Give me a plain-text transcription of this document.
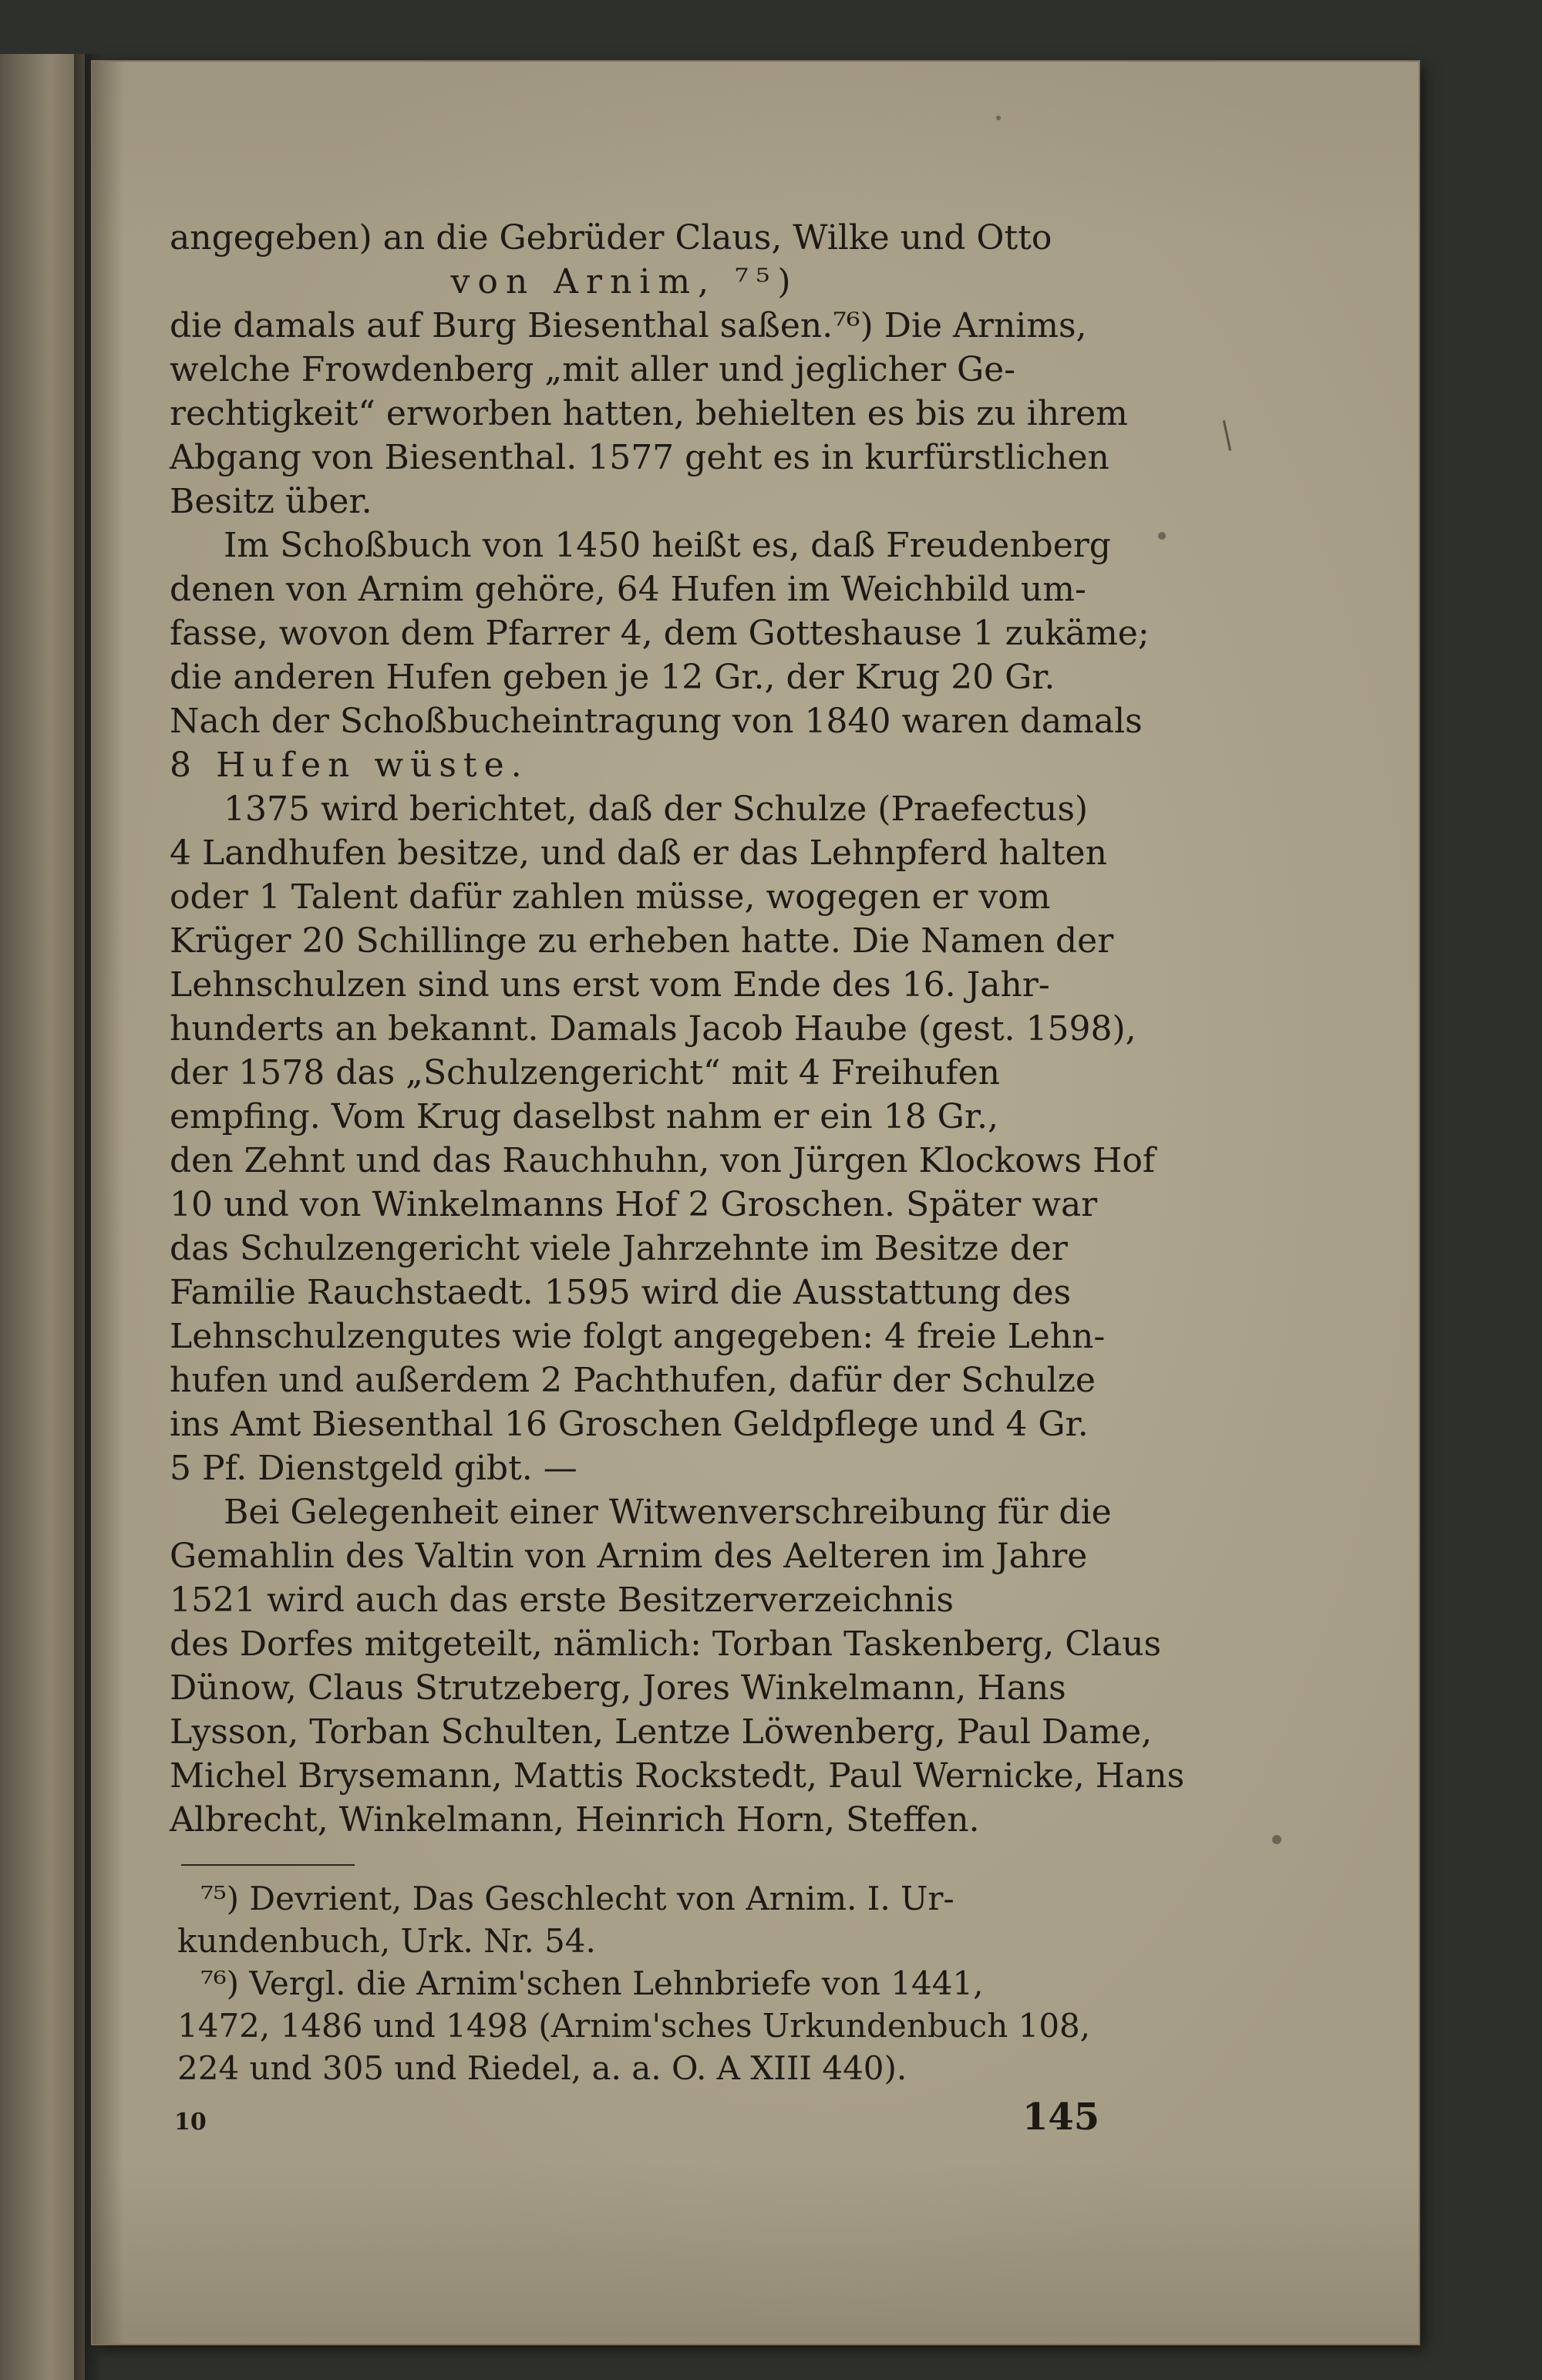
angegeben) an die Gebrüder Claus, Wilke und Otto
von Arnim, ⁷⁵)
die damals auf Burg Biesenthal saßen.⁷⁶) Die Arnims,
welche Frowdenberg „mit aller und jeglicher Ge-
rechtigkeit“ erworben hatten, behielten es bis zu ihrem
Abgang von Biesenthal. 1577 geht es in kurfürstlichen
Besitz über.
Im Schoßbuch von 1450 heißt es, daß Freudenberg
denen von Arnim gehöre, 64 Hufen im Weichbild um-
fasse, wovon dem Pfarrer 4, dem Gotteshause 1 zukäme;
die anderen Hufen geben je 12 Gr., der Krug 20 Gr.
Nach der Schoßbucheintragung von 1840 waren damals
8 Hufen wüste.
1375 wird berichtet, daß der Schulze (Praefectus)
4 Landhufen besitze, und daß er das Lehnpferd halten
oder 1 Talent dafür zahlen müsse, wogegen er vom
Krüger 20 Schillinge zu erheben hatte. Die Namen der
Lehnschulzen sind uns erst vom Ende des 16. Jahr-
hunderts an bekannt. Damals Jacob Haube (gest. 1598),
der 1578 das „Schulzengericht“ mit 4 Freihufen
empfing. Vom Krug daselbst nahm er ein 18 Gr.,
den Zehnt und das Rauchhuhn, von Jürgen Klockows Hof
10 und von Winkelmanns Hof 2 Groschen. Später war
das Schulzengericht viele Jahrzehnte im Besitze der
Familie Rauchstaedt. 1595 wird die Ausstattung des
Lehnschulzengutes wie folgt angegeben: 4 freie Lehn-
hufen und außerdem 2 Pachthufen, dafür der Schulze
ins Amt Biesenthal 16 Groschen Geldpflege und 4 Gr.
5 Pf. Dienstgeld gibt. —
Bei Gelegenheit einer Witwenverschreibung für die
Gemahlin des Valtin von Arnim des Aelteren im Jahre
1521 wird auch das erste Besitzerverzeichnis
des Dorfes mitgeteilt, nämlich: Torban Taskenberg, Claus
Dünow, Claus Strutzeberg, Jores Winkelmann, Hans
Lysson, Torban Schulten, Lentze Löwenberg, Paul Dame,
Michel Brysemann, Mattis Rockstedt, Paul Wernicke, Hans
Albrecht, Winkelmann, Heinrich Horn, Steffen.
⁷⁵) Devrient, Das Geschlecht von Arnim. I. Ur-
kundenbuch, Urk. Nr. 54.
⁷⁶) Vergl. die Arnim'schen Lehnbriefe von 1441,
1472, 1486 und 1498 (Arnim'sches Urkundenbuch 108,
224 und 305 und Riedel, a. a. O. A XIII 440).
10	145
